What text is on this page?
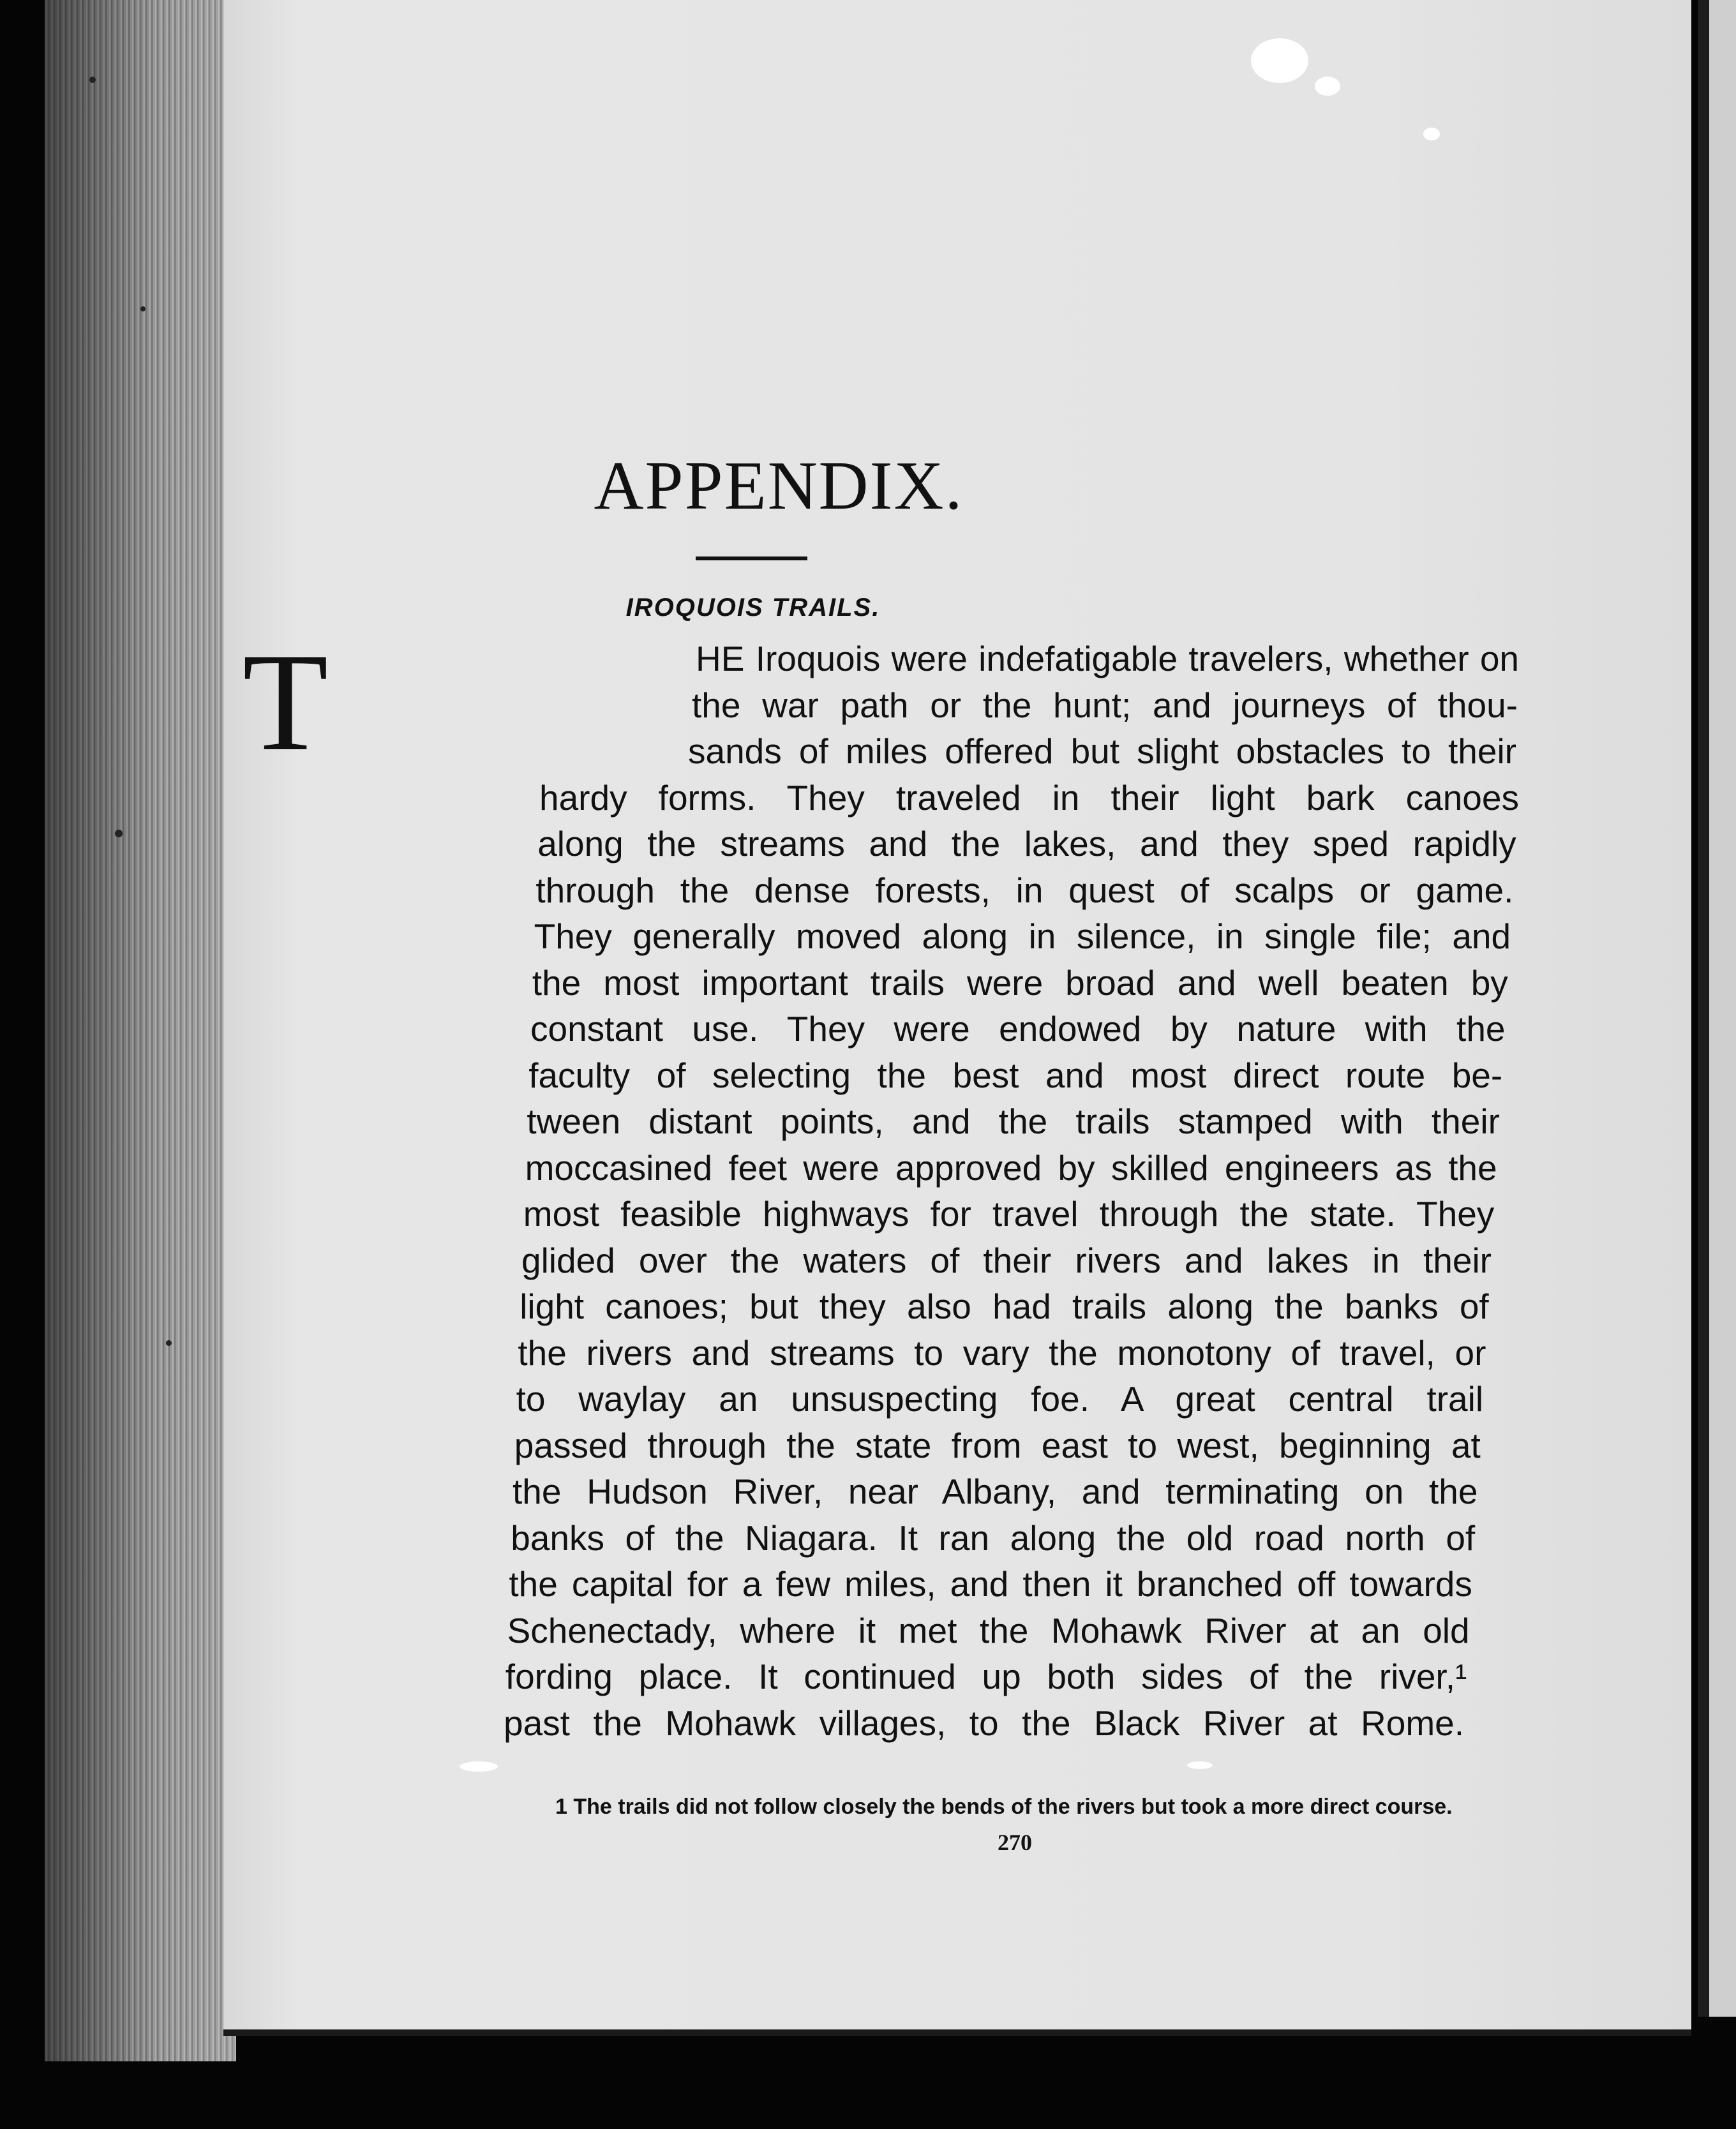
APPENDIX.
IROQUOIS TRAILS.
T	HE Iroquois were indefatigable travelers, whether on
the war path or the hunt; and journeys of thou-
sands of miles offered but slight obstacles to their
hardy forms. They traveled in their light bark canoes
along the streams and the lakes, and they sped rapidly
through the dense forests, in quest of scalps or game.
They generally moved along in silence, in single file; and
the most important trails were broad and well beaten by
constant use. They were endowed by nature with the
faculty of selecting the best and most direct route be-
tween distant points, and the trails stamped with their
moccasined feet were approved by skilled engineers as the
most feasible highways for travel through the state. They
glided over the waters of their rivers and lakes in their
light canoes; but they also had trails along the banks of
the rivers and streams to vary the monotony of travel, or
to waylay an unsuspecting foe. A great central trail
passed through the state from east to west, beginning at
the Hudson River, near Albany, and terminating on the
banks of the Niagara. It ran along the old road north of
the capital for a few miles, and then it branched off towards
Schenectady, where it met the Mohawk River at an old
fording place. It continued up both sides of the river,¹
past the Mohawk villages, to the Black River at Rome.
1 The trails did not follow closely the bends of the rivers but took a more direct course.
270
